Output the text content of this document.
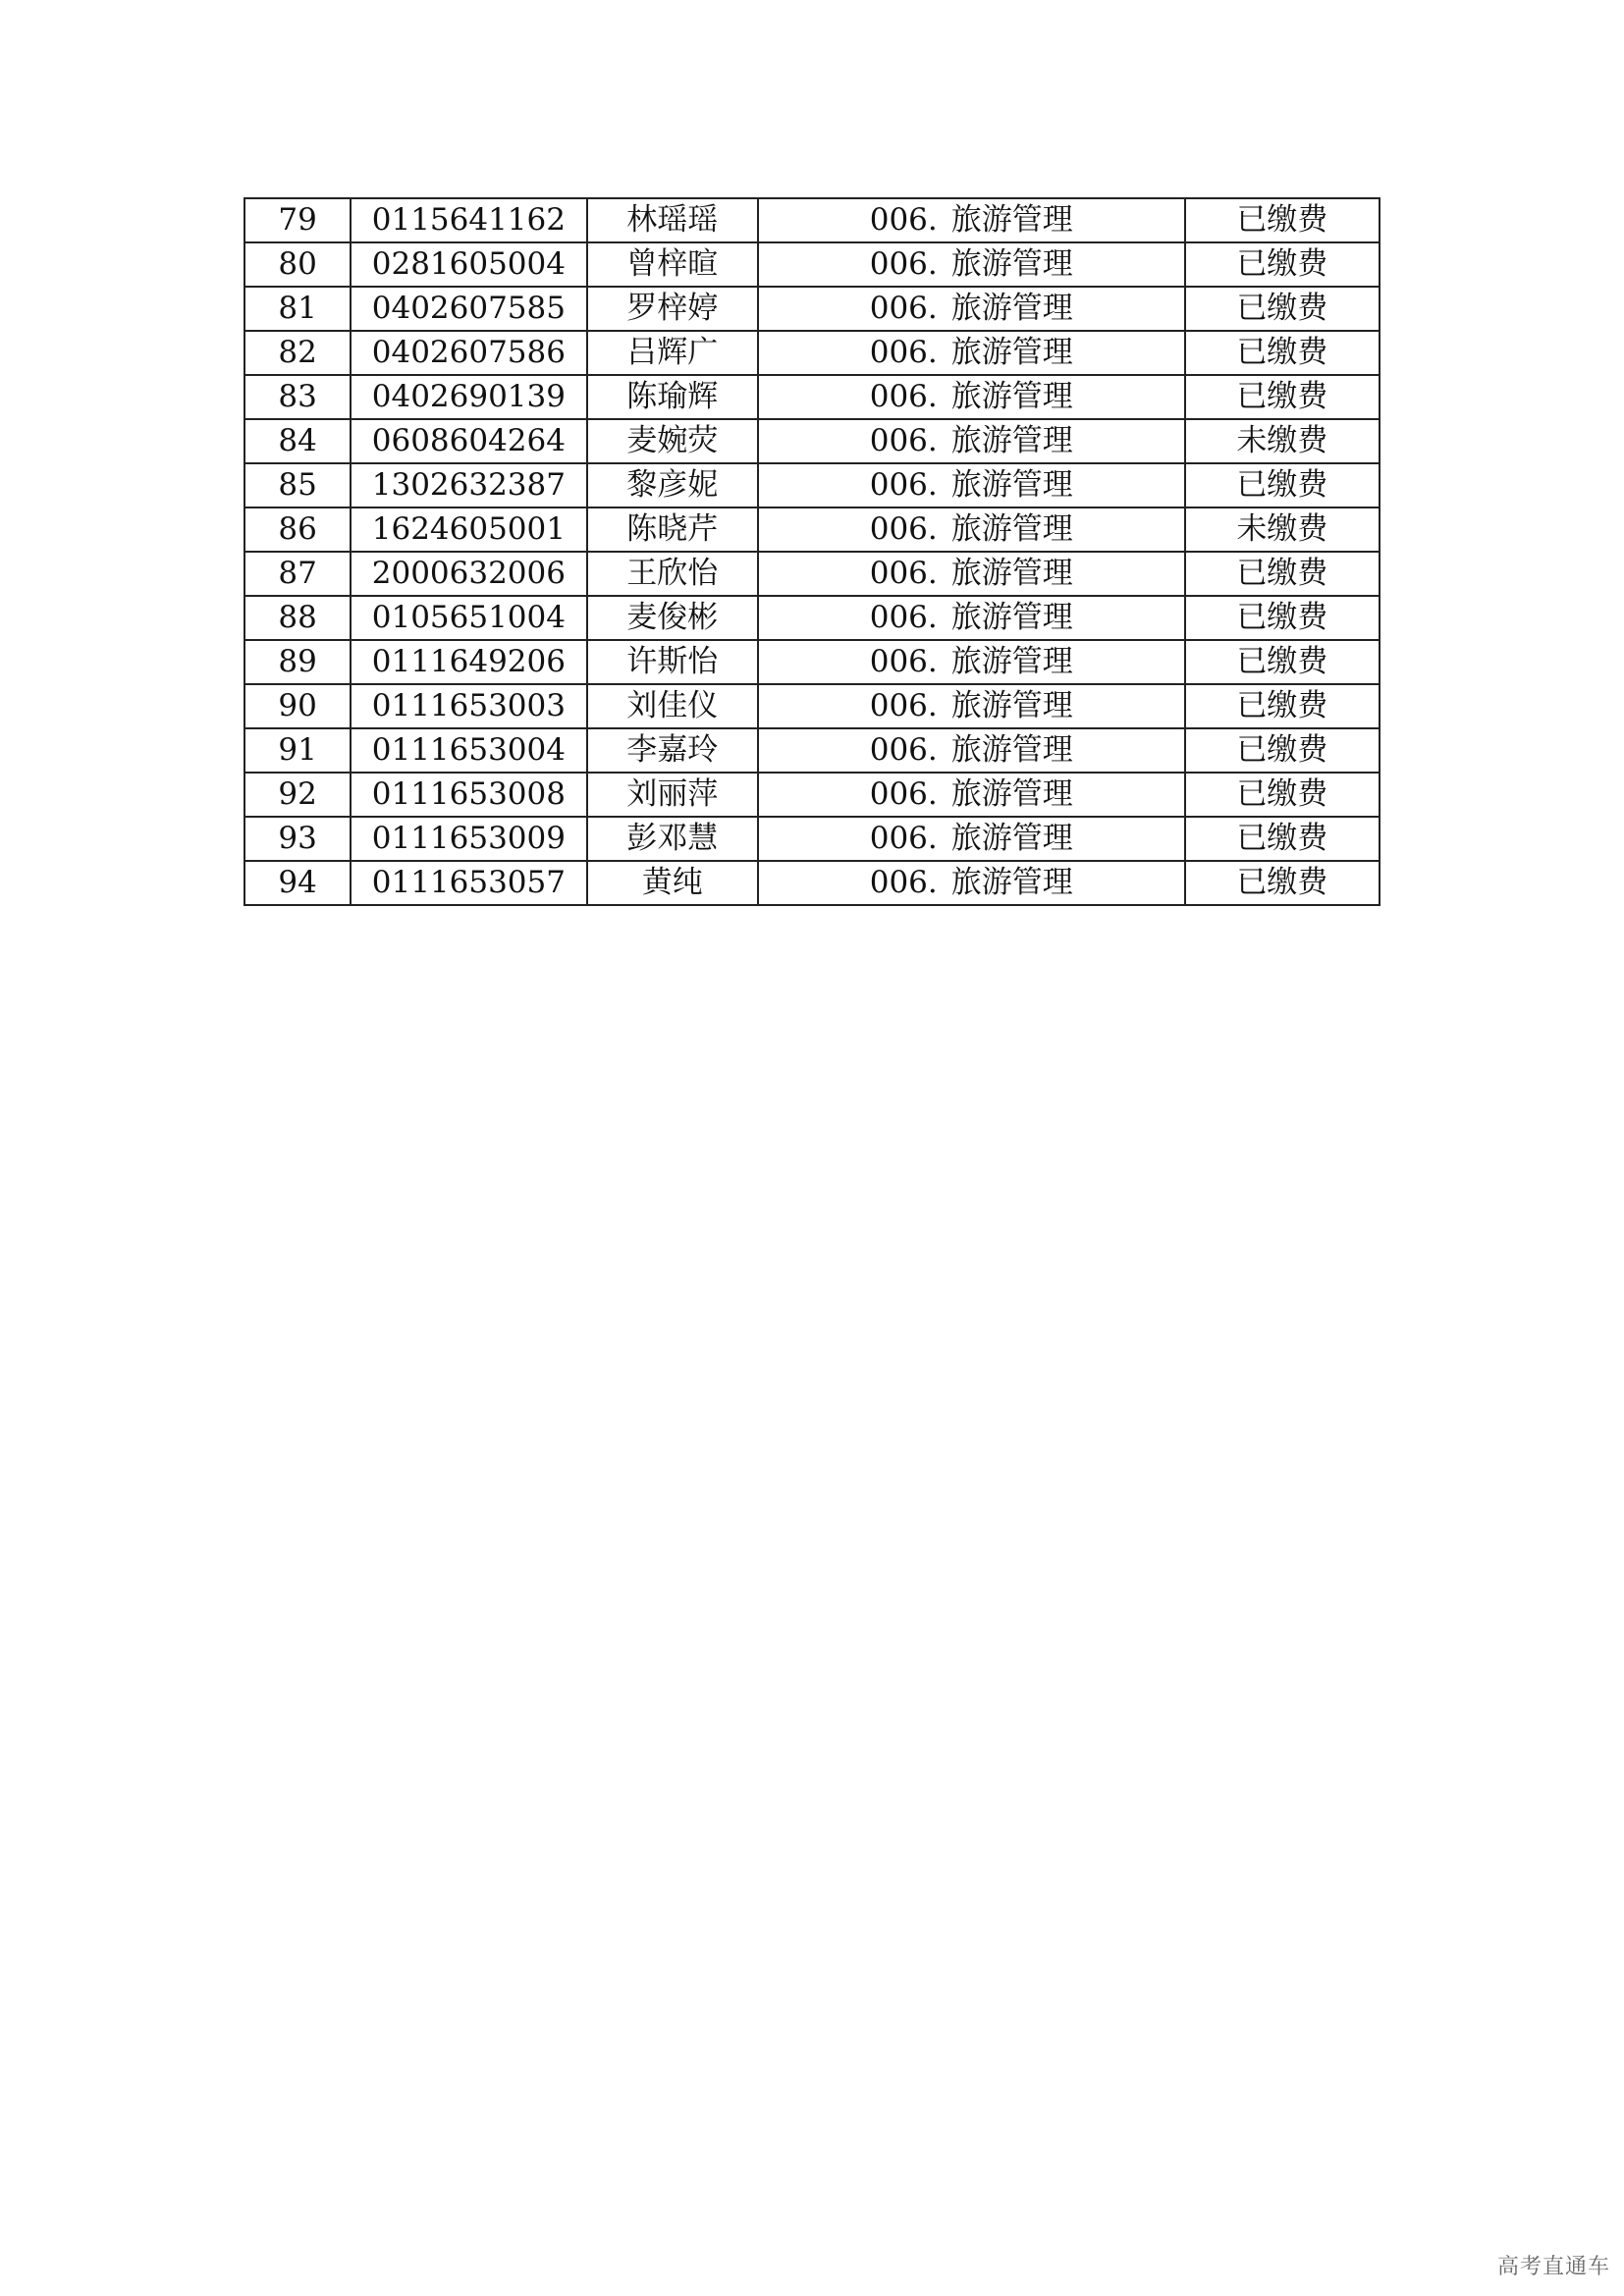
79	0115641162	林瑶瑶	006. 旅游管理	已缴费
80	0281605004	曾梓暄	006. 旅游管理	已缴费
81	0402607585	罗梓婷	006. 旅游管理	已缴费
82	0402607586	吕辉广	006. 旅游管理	已缴费
83	0402690139	陈瑜辉	006. 旅游管理	已缴费
84	0608604264	麦婉荧	006. 旅游管理	未缴费
85	1302632387	黎彦妮	006. 旅游管理	已缴费
86	1624605001	陈晓芹	006. 旅游管理	未缴费
87	2000632006	王欣怡	006. 旅游管理	已缴费
88	0105651004	麦俊彬	006. 旅游管理	已缴费
89	0111649206	许斯怡	006. 旅游管理	已缴费
90	0111653003	刘佳仪	006. 旅游管理	已缴费
91	0111653004	李嘉玲	006. 旅游管理	已缴费
92	0111653008	刘丽萍	006. 旅游管理	已缴费
93	0111653009	彭邓慧	006. 旅游管理	已缴费
94	0111653057	黄纯	006. 旅游管理	已缴费
高考直通车
